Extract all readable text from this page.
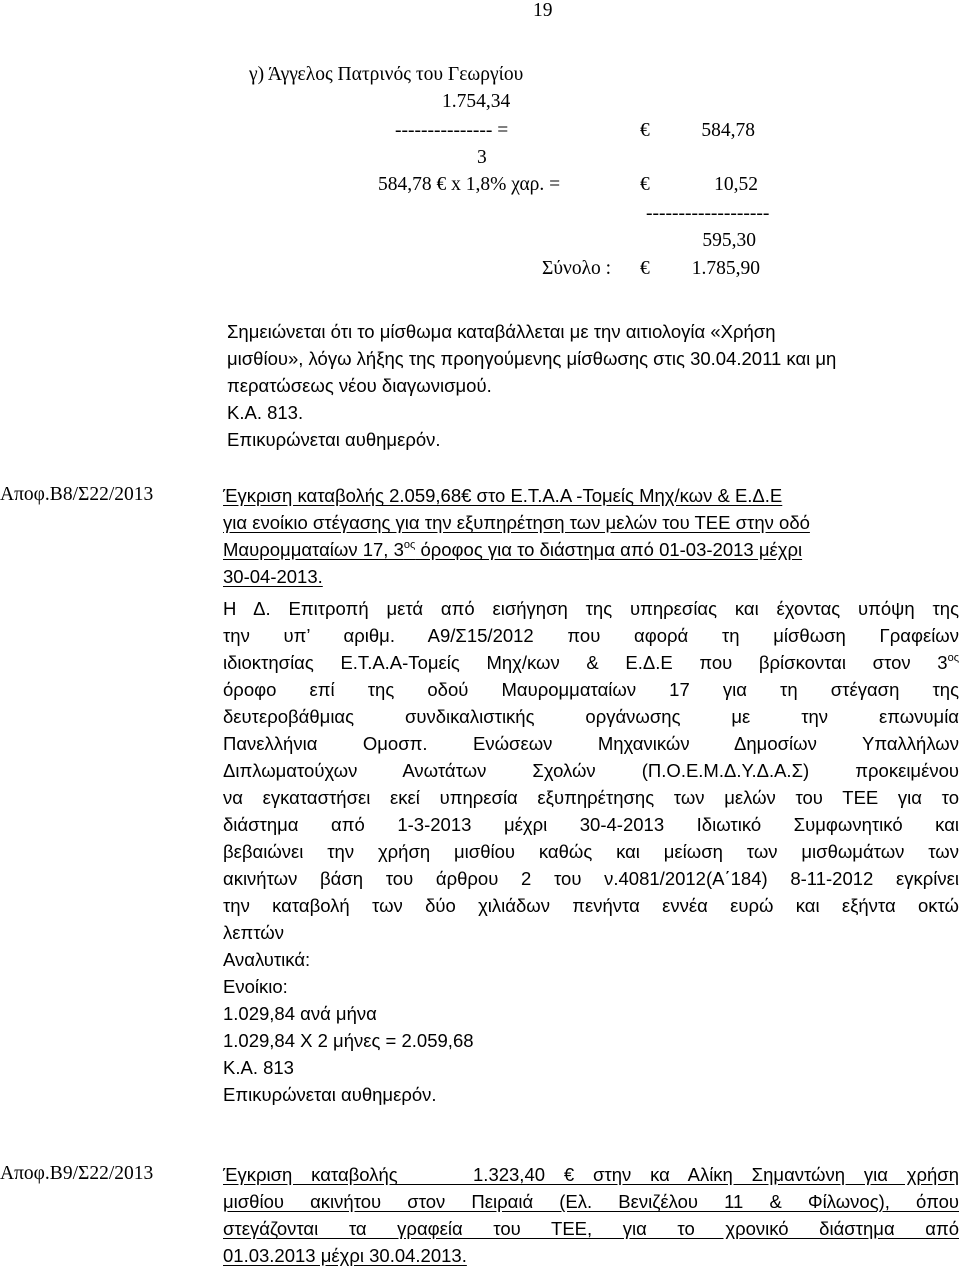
19
γ) Άγγελος Πατρινός του Γεωργίου
1.754,34
--------------- =	€	584,78
3
584,78 € x 1,8% χαρ. =	€	10,52
-------------------
595,30
Σύνολο : €	1.785,90
Σημειώνεται ότι το μίσθωμα καταβάλλεται με την αιτιολογία «Χρήση
μισθίου», λόγω λήξης της προηγούμενης μίσθωσης στις 30.04.2011 και μη
περατώσεως νέου διαγωνισμού.
Κ.Α. 813.
Επικυρώνεται αυθημερόν.
Αποφ.Β8/Σ22/2013	Έγκριση καταβολής 2.059,68€ στο Ε.Τ.Α.Α -Τομείς Μηχ/κων & Ε.Δ.Ε
για ενοίκιο στέγασης για την εξυπηρέτηση των μελών του ΤΕΕ στην οδό
Μαυρομματαίων 17, $3^{o\varsigma}$ όροφος για το διάστημα από 01-03-2013 μέχρι
30-04-2013.
Η Δ. Επιτροπή μετά από εισήγηση της υπηρεσίας και έχοντας υπόψη της
την υπ’ αριθμ. Α9/Σ15/2012 που αφορά τη μίσθωση Γραφείων
ιδιοκτησίας Ε.Τ.Α.Α-Τομείς Μηχ/κων & Ε.Δ.Ε που βρίσκονται στον $3^{o\varsigma}$
όροφο επί της οδού Μαυρομματαίων 17 για τη στέγαση της
δευτεροβάθμιας συνδικαλιστικής οργάνωσης με την επωνυμία
Πανελλήνια Ομοσπ. Ενώσεων Μηχανικών Δημοσίων Υπαλλήλων
Διπλωματούχων Ανωτάτων Σχολών (Π.Ο.Ε.Μ.Δ.Υ.Δ.Α.Σ) προκειμένου
να εγκαταστήσει εκεί υπηρεσία εξυπηρέτησης των μελών του ΤΕΕ για το
διάστημα από 1-3-2013 μέχρι 30-4-2013 Ιδιωτικό Συμφωνητικό και
βεβαιώνει την χρήση μισθίου καθώς και μείωση των μισθωμάτων των
ακινήτων βάση του άρθρου 2 του ν.4081/2012(Α΄184) 8-11-2012 εγκρίνει
την καταβολή των δύο χιλιάδων πενήντα εννέα ευρώ και εξήντα οκτώ
λεπτών
Αναλυτικά:
Ενοίκιο:
1.029,84 ανά μήνα
1.029,84 Χ 2 μήνες = 2.059,68
Κ.Α. 813
Επικυρώνεται αυθημερόν.
Αποφ.Β9/Σ22/2013	Έγκριση καταβολής    1.323,40 € στην κα Αλίκη Σημαντώνη για χρήση
μισθίου ακινήτου στον Πειραιά (Ελ. Βενιζέλου 11 & Φίλωνος), όπου
στεγάζονται τα γραφεία του ΤΕΕ, για το χρονικό διάστημα από
01.03.2013 μέχρι 30.04.2013.
